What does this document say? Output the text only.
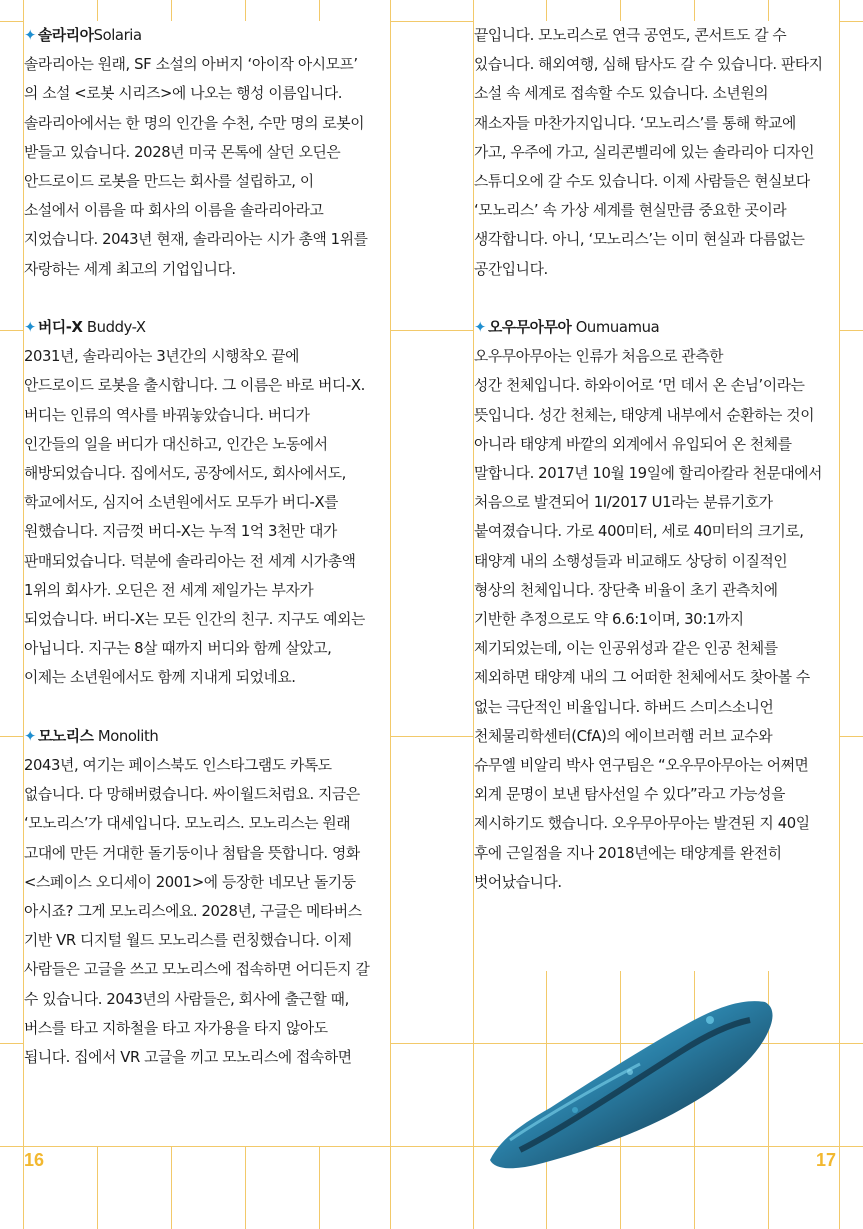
✦ 솔라리아Solaria
솔라리아는 원래, SF 소설의 아버지 ‘아이작 아시모프’
의 소설 <로봇 시리즈>에 나오는 행성 이름입니다.
솔라리아에서는 한 명의 인간을 수천, 수만 명의 로봇이
받들고 있습니다. 2028년 미국 몬톡에 살던 오딘은
안드로이드 로봇을 만드는 회사를 설립하고, 이
소설에서 이름을 따 회사의 이름을 솔라리아라고
지었습니다. 2043년 현재, 솔라리아는 시가 총액 1위를
자랑하는 세계 최고의 기업입니다.
✦ 버디-X Buddy-X
2031년, 솔라리아는 3년간의 시행착오 끝에
안드로이드 로봇을 출시합니다. 그 이름은 바로 버디-X.
버디는 인류의 역사를 바꿔놓았습니다. 버디가
인간들의 일을 버디가 대신하고, 인간은 노동에서
해방되었습니다. 집에서도, 공장에서도, 회사에서도,
학교에서도, 심지어 소년원에서도 모두가 버디-X를
원했습니다. 지금껏 버디-X는 누적 1억 3천만 대가
판매되었습니다. 덕분에 솔라리아는 전 세계 시가총액
1위의 회사가. 오딘은 전 세계 제일가는 부자가
되었습니다. 버디-X는 모든 인간의 친구. 지구도 예외는
아닙니다. 지구는 8살 때까지 버디와 함께 살았고,
이제는 소년원에서도 함께 지내게 되었네요.
✦ 모노리스 Monolith
2043년, 여기는 페이스북도 인스타그램도 카톡도
없습니다. 다 망해버렸습니다. 싸이월드처럼요. 지금은
‘모노리스’가 대세입니다. 모노리스. 모노리스는 원래
고대에 만든 거대한 돌기둥이나 첨탑을 뜻합니다. 영화
<스페이스 오디세이 2001>에 등장한 네모난 돌기둥
아시죠? 그게 모노리스에요. 2028년, 구글은 메타버스
기반 VR 디지털 월드 모노리스를 런칭했습니다. 이제
사람들은 고글을 쓰고 모노리스에 접속하면 어디든지 갈
수 있습니다. 2043년의 사람들은, 회사에 출근할 때,
버스를 타고 지하철을 타고 자가용을 타지 않아도
됩니다. 집에서 VR 고글을 끼고 모노리스에 접속하면
끝입니다. 모노리스로 연극 공연도, 콘서트도 갈 수
있습니다. 해외여행, 심해 탐사도 갈 수 있습니다. 판타지
소설 속 세계로 접속할 수도 있습니다. 소년원의
재소자들 마찬가지입니다. ‘모노리스’를 통해 학교에
가고, 우주에 가고, 실리콘벨리에 있는 솔라리아 디자인
스튜디오에 갈 수도 있습니다. 이제 사람들은 현실보다
‘모노리스’ 속 가상 세계를 현실만큼 중요한 곳이라
생각합니다. 아니, ‘모노리스’는 이미 현실과 다름없는
공간입니다.
✦ 오우무아무아 Oumuamua
오우무아무아는 인류가 처음으로 관측한
성간 천체입니다. 하와이어로 ‘먼 데서 온 손님’이라는
뜻입니다. 성간 천체는, 태양계 내부에서 순환하는 것이
아니라 태양계 바깥의 외계에서 유입되어 온 천체를
말합니다. 2017년 10월 19일에 할리아칼라 천문대에서
처음으로 발견되어 1I/2017 U1라는 분류기호가
붙여졌습니다. 가로 400미터, 세로 40미터의 크기로,
태양계 내의 소행성들과 비교해도 상당히 이질적인
형상의 천체입니다. 장단축 비율이 초기 관측치에
기반한 추정으로도 약 6.6:1이며, 30:1까지
제기되었는데, 이는 인공위성과 같은 인공 천체를
제외하면 태양계 내의 그 어떠한 천체에서도 찾아볼 수
없는 극단적인 비율입니다. 하버드 스미스소니언
천체물리학센터(CfA)의 에이브러햄 러브 교수와
슈무엘 비알리 박사 연구팀은 “오우무아무아는 어쩌면
외계 문명이 보낸 탐사선일 수 있다”라고 가능성을
제시하기도 했습니다. 오우무아무아는 발견된 지 40일
후에 근일점을 지나 2018년에는 태양계를 완전히
벗어났습니다.
16	17
